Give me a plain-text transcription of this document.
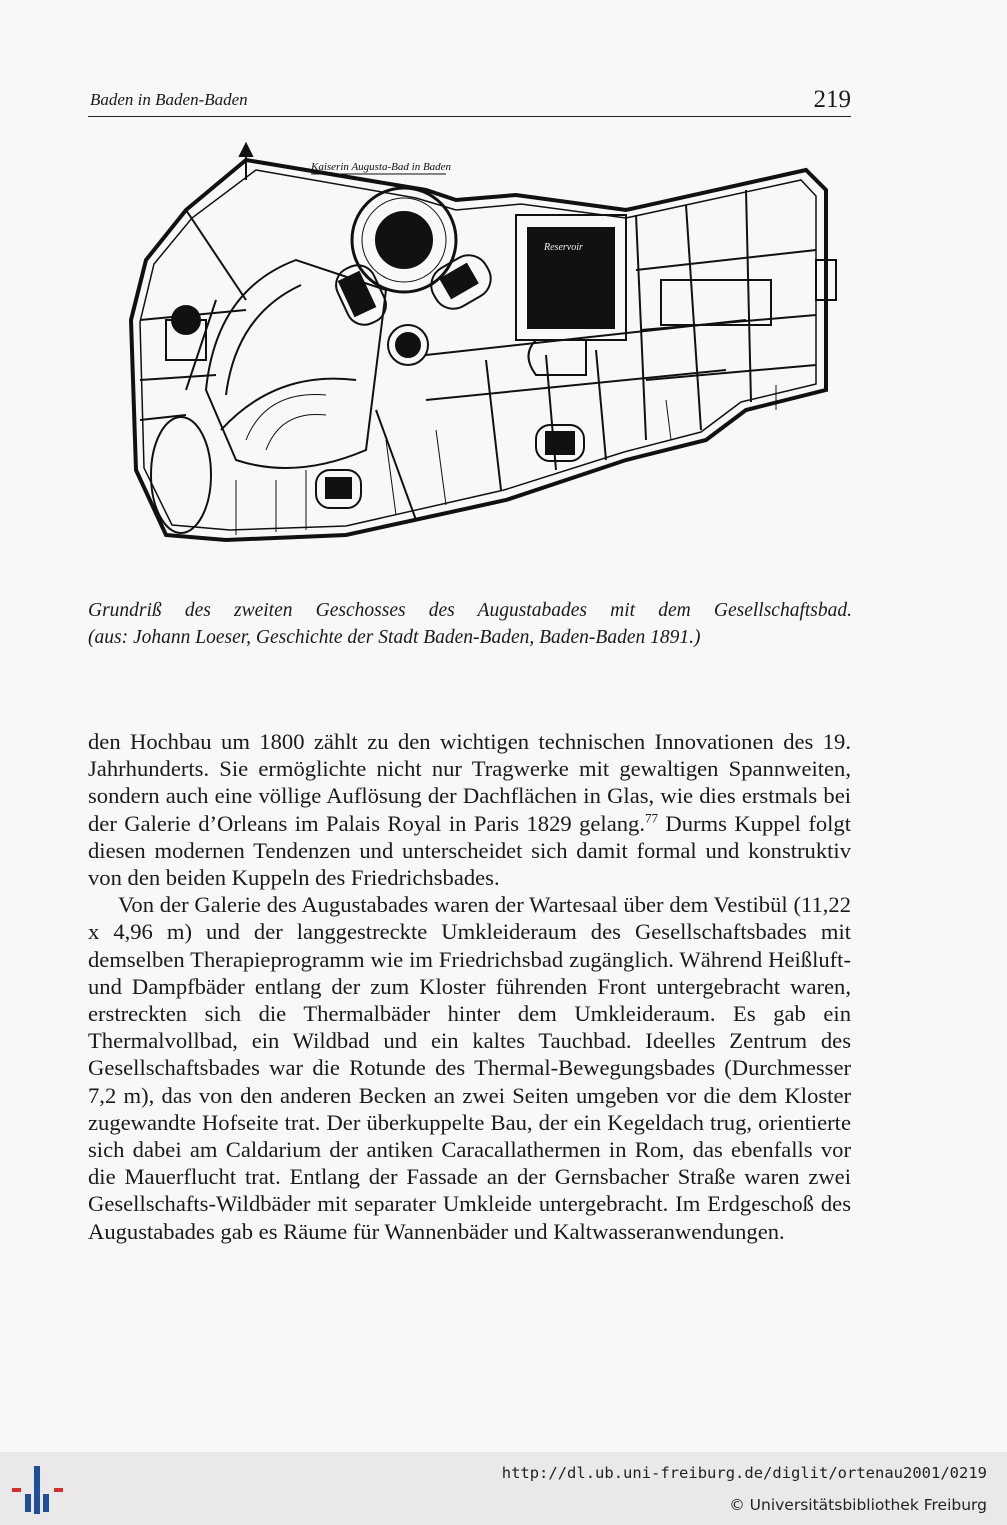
Baden in Baden-Baden	219
Kaiserin Augusta-Bad in Baden
Reservoir
Grundriß des zweiten Geschosses des Augustabades mit dem Gesellschaftsbad.
(aus: Johann Loeser, Geschichte der Stadt Baden-Baden, Baden-Baden 1891.)

den Hochbau um 1800 zählt zu den wichtigen technischen Innovationen des 19. Jahrhunderts. Sie ermöglichte nicht nur Tragwerke mit gewaltigen Spannweiten, sondern auch eine völlige Auflösung der Dachflächen in Glas, wie dies erstmals bei der Galerie d’Orleans im Palais Royal in Paris 1829 gelang.$^{77}$ Durms Kuppel folgt diesen modernen Tendenzen und unterscheidet sich damit formal und konstruktiv von den beiden Kuppeln des Friedrichsbades.

Von der Galerie des Augustabades waren der Wartesaal über dem Vestibül (11,22 x 4,96 m) und der langgestreckte Umkleideraum des Gesellschaftsbades mit demselben Therapieprogramm wie im Friedrichsbad zugänglich. Während Heißluft- und Dampfbäder entlang der zum Kloster führenden Front untergebracht waren, erstreckten sich die Thermalbäder hinter dem Umkleideraum. Es gab ein Thermalvollbad, ein Wildbad und ein kaltes Tauchbad. Ideelles Zentrum des Gesellschaftsbades war die Rotunde des Thermal-Bewegungsbades (Durchmesser 7,2 m), das von den anderen Becken an zwei Seiten umgeben vor die dem Kloster zugewandte Hofseite trat. Der überkuppelte Bau, der ein Kegeldach trug, orientierte sich dabei am Caldarium der antiken Caracallathermen in Rom, das ebenfalls vor die Mauerflucht trat. Entlang der Fassade an der Gernsbacher Straße waren zwei Gesellschafts-Wildbäder mit separater Umkleide untergebracht. Im Erdgeschoß des Augustabades gab es Räume für Wannenbäder und Kaltwasseranwendungen.

http://dl.ub.uni-freiburg.de/diglit/ortenau2001/0219
© Universitätsbibliothek Freiburg
